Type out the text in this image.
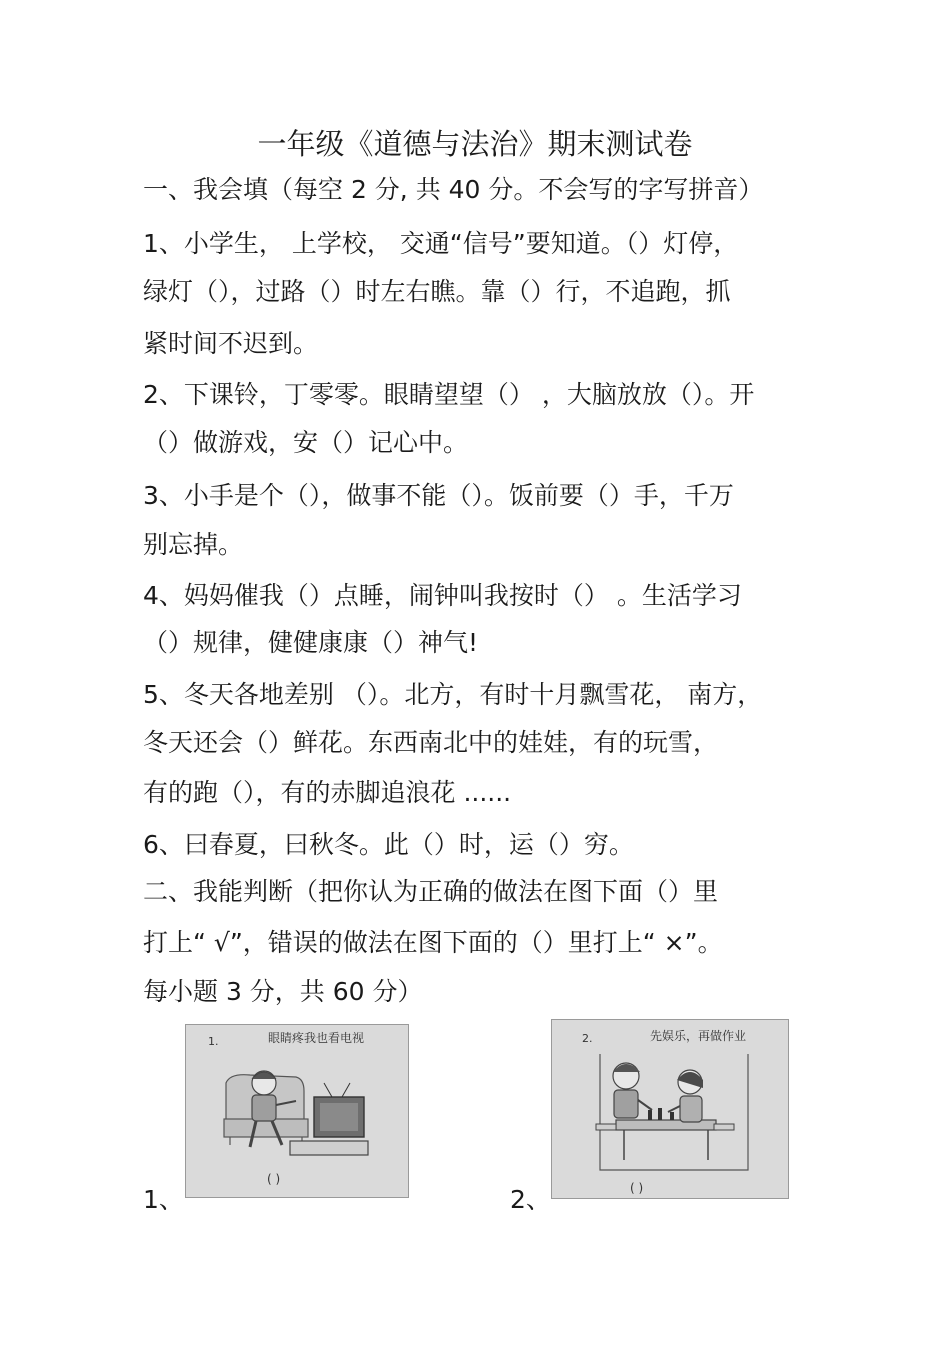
一年级《道德与法治》期末测试卷
一、我会填（每空 2 分, 共 40 分。不会写的字写拼音）
1、小学生， 上学校， 交通“信号”要知道。（）灯停，
绿灯（），过路（）时左右瞧。靠（）行，不追跑，抓
紧时间不迟到。
2、下课铃，丁零零。眼睛望望（） ，大脑放放（）。开
（）做游戏，安（）记心中。
3、小手是个（），做事不能（）。饭前要（）手，千万
别忘掉。
4、妈妈催我（）点睡，闹钟叫我按时（） 。生活学习
（）规律，健健康康（）神气!
5、冬天各地差别 （）。北方，有时十月飘雪花， 南方，
冬天还会（）鲜花。东西南北中的娃娃，有的玩雪，
有的跑（），有的赤脚追浪花 ......
6、曰春夏，曰秋冬。此（）时，运（）穷。
二、我能判断（把你认为正确的做法在图下面（）里
打上“ √”，错误的做法在图下面的（）里打上“ ×”。
每小题 3 分，共 60 分）
1、
1.	眼睛疼我也看电视
( )
2、
2.	先娱乐，再做作业
( )
